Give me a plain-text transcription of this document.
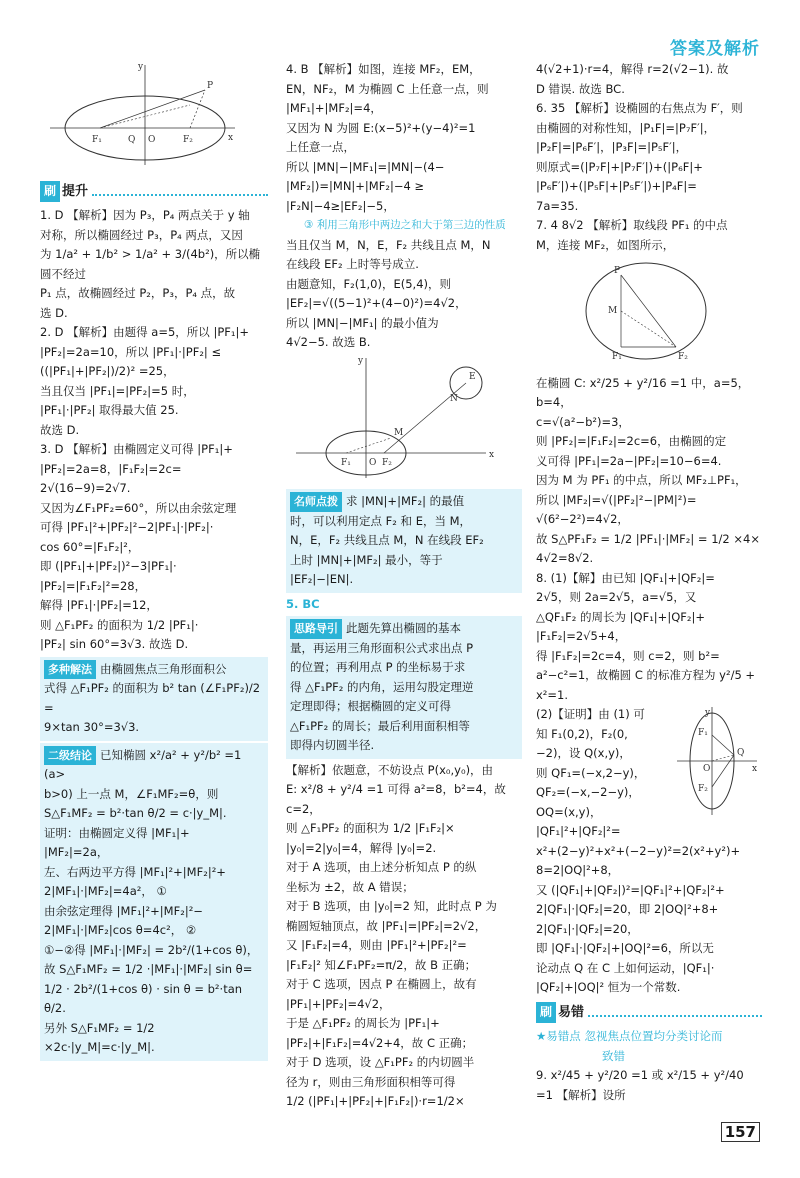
答案及解析
y
P
F₁	Q O	F₂	x
刷 提升

1. D 【解析】因为 P₃，P₄ 两点关于 y 轴

对称，所以椭圆经过 P₃，P₄ 两点，又因

为 1/a² + 1/b² > 1/a² + 3/(4b²)，所以椭圆不经过

P₁ 点，故椭圆经过 P₂，P₃，P₄ 点，故

选 D.

2. D 【解析】由题得 a=5，所以 |PF₁|+

|PF₂|=2a=10，所以 |PF₁|·|PF₂| ≤

((|PF₁|+|PF₂|)/2)² =25，

当且仅当 |PF₁|=|PF₂|=5 时，

|PF₁|·|PF₂| 取得最大值 25.

故选 D.

3. D 【解析】由椭圆定义可得 |PF₁|+

|PF₂|=2a=8，|F₁F₂|=2c=

2√(16−9)=2√7.

又因为∠F₁PF₂=60°，所以由余弦定理

可得 |PF₁|²+|PF₂|²−2|PF₁|·|PF₂|·

cos 60°=|F₁F₂|²，

即 (|PF₁|+|PF₂|)²−3|PF₁|·

|PF₂|=|F₁F₂|²=28，

解得 |PF₁|·|PF₂|=12，

则 △F₁PF₂ 的面积为 1/2 |PF₁|·

|PF₂| sin 60°=3√3. 故选 D.

多种解法 由椭圆焦点三角形面积公

式得 △F₁PF₂ 的面积为 b² tan (∠F₁PF₂)/2 =

9×tan 30°=3√3.

二级结论 已知椭圆 x²/a² + y²/b² =1 (a>

b>0) 上一点 M，∠F₁MF₂=θ，则

S△F₁MF₂ = b²·tan θ/2 = c·|y_M|.

证明：由椭圆定义得 |MF₁|+

|MF₂|=2a，

左、右两边平方得 |MF₁|²+|MF₂|²+

2|MF₁|·|MF₂|=4a²， ①

由余弦定理得 |MF₁|²+|MF₂|²−

2|MF₁|·|MF₂|cos θ=4c²， ②

①−②得 |MF₁|·|MF₂| = 2b²/(1+cos θ)，

故 S△F₁MF₂ = 1/2 ·|MF₁|·|MF₂| sin θ=

1/2 · 2b²/(1+cos θ) · sin θ = b²·tan θ/2.

另外 S△F₁MF₂ = 1/2 ×2c·|y_M|=c·|y_M|.

4. B 【解析】如图，连接 MF₂，EM，

EN，NF₂，M 为椭圆 C 上任意一点，则

|MF₁|+|MF₂|=4，

又因为 N 为圆 E:(x−5)²+(y−4)²=1

上任意一点，

所以 |MN|−|MF₁|=|MN|−(4−

|MF₂|)=|MN|+|MF₂|−4 ≥

|F₂N|−4≥|EF₂|−5，

③ 利用三角形中两边之和大于第三边的性质

当且仅当 M，N，E，F₂ 共线且点 M，N

在线段 EF₂ 上时等号成立.

由题意知，F₂(1,0)，E(5,4)，则

|EF₂|=√((5−1)²+(4−0)²)=4√2，

所以 |MN|−|MF₁| 的最小值为

4√2−5. 故选 B.

y
E
N
M
F₁ O F₂
x
名师点拨 求 |MN|+|MF₂| 的最值

时，可以利用定点 F₂ 和 E，当 M，

N，E，F₂ 共线且点 M，N 在线段 EF₂

上时 |MN|+|MF₂| 最小，等于

|EF₂|−|EN|.

5. BC

思路导引 此题先算出椭圆的基本

量，再运用三角形面积公式求出点 P

的位置；再利用点 P 的坐标易于求

得 △F₁PF₂ 的内角，运用勾股定理逆

定理即得；根据椭圆的定义可得

△F₁PF₂ 的周长；最后利用面积相等

即得内切圆半径.

【解析】依题意，不妨设点 P(x₀,y₀)，由

E: x²/8 + y²/4 =1 可得 a²=8，b²=4，故 c=2，

则 △F₁PF₂ 的面积为 1/2 |F₁F₂|×

|y₀|=2|y₀|=4，解得 |y₀|=2.

对于 A 选项，由上述分析知点 P 的纵

坐标为 ±2，故 A 错误；

对于 B 选项，由 |y₀|=2 知，此时点 P 为

椭圆短轴顶点，故 |PF₁|=|PF₂|=2√2，

又 |F₁F₂|=4，则由 |PF₁|²+|PF₂|²=

|F₁F₂|² 知∠F₁PF₂=π/2，故 B 正确；

对于 C 选项，因点 P 在椭圆上，故有

|PF₁|+|PF₂|=4√2，

于是 △F₁PF₂ 的周长为 |PF₁|+

|PF₂|+|F₁F₂|=4√2+4，故 C 正确；

对于 D 选项，设 △F₁PF₂ 的内切圆半

径为 r，则由三角形面积相等可得

1/2 (|PF₁|+|PF₂|+|F₁F₂|)·r=1/2×

4(√2+1)·r=4，解得 r=2(√2−1). 故

D 错误. 故选 BC.

6. 35 【解析】设椭圆的右焦点为 F′，则

由椭圆的对称性知，|P₁F|=|P₇F′|，

|P₂F|=|P₆F′|，|P₃F|=|P₅F′|，

则原式=(|P₇F|+|P₇F′|)+(|P₆F|+

|P₆F′|)+(|P₅F|+|P₅F′|)+|P₄F|=

7a=35.

7. 4 8√2 【解析】取线段 PF₁ 的中点

M，连接 MF₂，如图所示，

P
M
F₁	F₂

在椭圆 C: x²/25 + y²/16 =1 中，a=5，b=4，

c=√(a²−b²)=3，

则 |PF₂|=|F₁F₂|=2c=6，由椭圆的定

义可得 |PF₁|=2a−|PF₂|=10−6=4.

因为 M 为 PF₁ 的中点，所以 MF₂⊥PF₁，

所以 |MF₂|=√(|PF₂|²−|PM|²)=

√(6²−2²)=4√2，

故 S△PF₁F₂ = 1/2 |PF₁|·|MF₂| = 1/2 ×4×

4√2=8√2.

8. (1)【解】由已知 |QF₁|+|QF₂|=

2√5，则 2a=2√5，a=√5，又

△QF₁F₂ 的周长为 |QF₁|+|QF₂|+

|F₁F₂|=2√5+4，

得 |F₁F₂|=2c=4，则 c=2，则 b²=

a²−c²=1，故椭圆 C 的标准方程为 y²/5 +

x²=1.

(2)【证明】由 (1) 可

知 F₁(0,2)，F₂(0,

−2)，设 Q(x,y)，

则 QF₁=(−x,2−y)，

QF₂=(−x,−2−y)，

OQ=(x,y)，

|QF₁|²+|QF₂|²=

x²+(2−y)²+x²+(−2−y)²=2(x²+y²)+

8=2|OQ|²+8，

又 (|QF₁|+|QF₂|)²=|QF₁|²+|QF₂|²+

2|QF₁|·|QF₂|=20，即 2|OQ|²+8+

2|QF₁|·|QF₂|=20，

即 |QF₁|·|QF₂|+|OQ|²=6，所以无

论动点 Q 在 C 上如何运动，|QF₁|·

|QF₂|+|OQ|² 恒为一个常数.

y
F₁
Q
O
F₂
x
刷 易错

★易错点 忽视焦点位置均分类讨论而

致错

9. x²/45 + y²/20 =1 或 x²/15 + y²/40 =1 【解析】设所

157
